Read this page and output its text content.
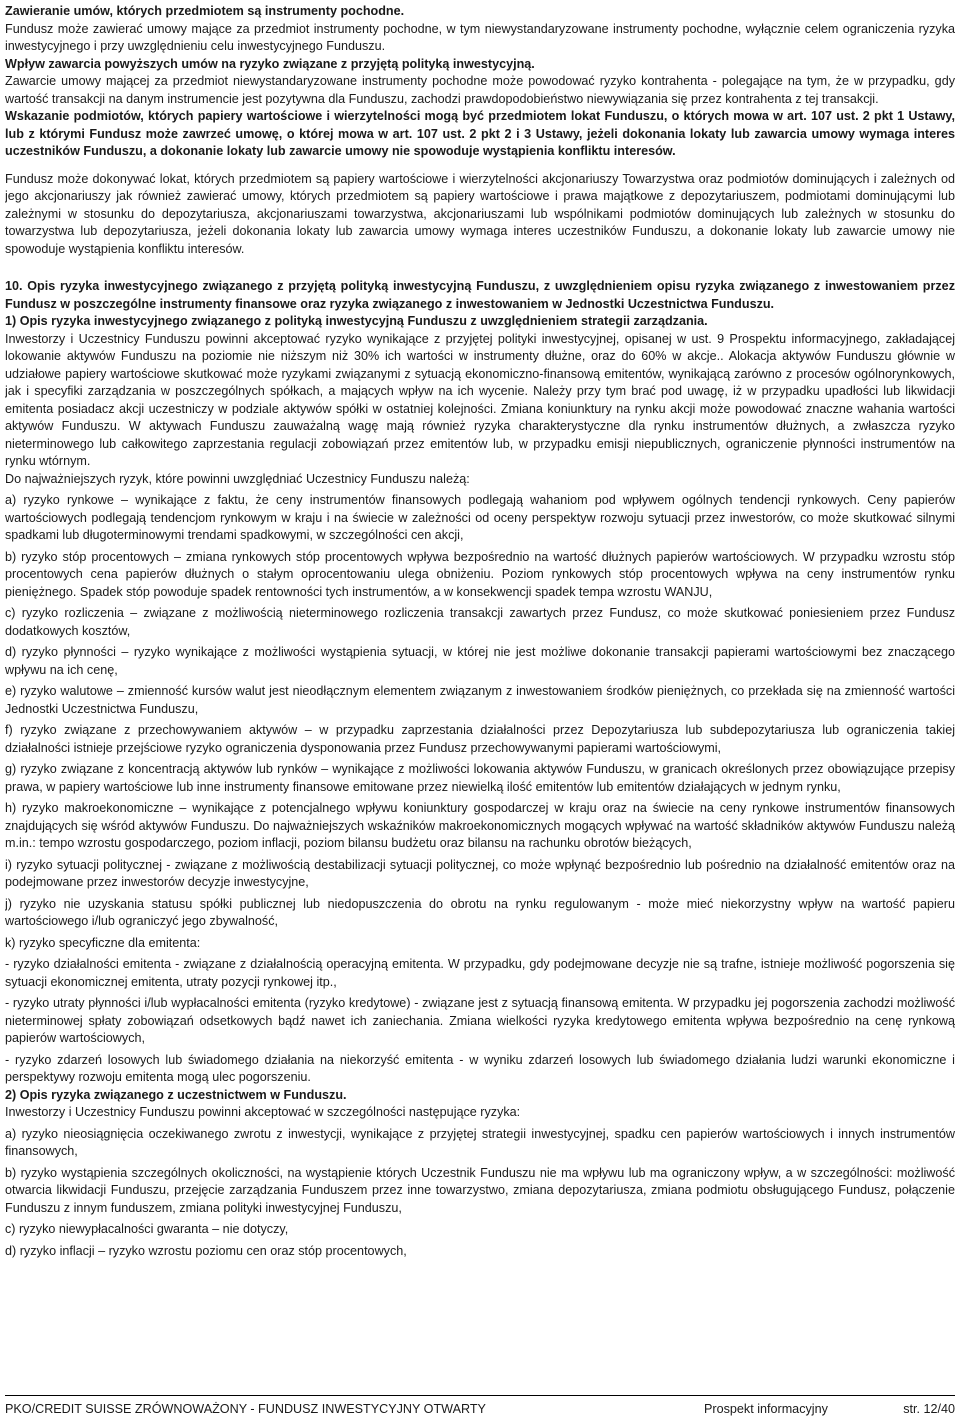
Zawieranie umów, których przedmiotem są instrumenty pochodne.

Fundusz może zawierać umowy mające za przedmiot instrumenty pochodne, w tym niewystandaryzowane instrumenty pochodne, wyłącznie celem ograniczenia ryzyka inwestycyjnego i przy uwzględnieniu celu inwestycyjnego Funduszu.

Wpływ zawarcia powyższych umów na ryzyko związane z przyjętą polityką inwestycyjną.

Zawarcie umowy mającej za przedmiot niewystandaryzowane instrumenty pochodne może powodować ryzyko kontrahenta - polegające na tym, że w przypadku, gdy wartość transakcji na danym instrumencie jest pozytywna dla Funduszu, zachodzi prawdopodobieństwo niewywiązania się przez kontrahenta z tej transakcji.

Wskazanie podmiotów, których papiery wartościowe i wierzytelności mogą być przedmiotem lokat Funduszu, o których mowa w art. 107 ust. 2 pkt 1 Ustawy, lub z którymi Fundusz może zawrzeć umowę, o której mowa w art. 107 ust. 2 pkt 2 i 3 Ustawy, jeżeli dokonania lokaty lub zawarcia umowy wymaga interes uczestników Funduszu, a dokonanie lokaty lub zawarcie umowy nie spowoduje wystąpienia konfliktu interesów.

Fundusz może dokonywać lokat, których przedmiotem są papiery wartościowe i wierzytelności akcjonariuszy Towarzystwa oraz podmiotów dominujących i zależnych od jego akcjonariuszy jak również zawierać umowy, których przedmiotem są papiery wartościowe i prawa majątkowe z depozytariuszem, podmiotami dominującymi lub zależnymi w stosunku do depozytariusza, akcjonariuszami towarzystwa, akcjonariuszami lub wspólnikami podmiotów dominujących lub zależnych w stosunku do towarzystwa lub depozytariusza, jeżeli dokonania lokaty lub zawarcia umowy wymaga interes uczestników Funduszu, a dokonanie lokaty lub zawarcie umowy nie spowoduje wystąpienia konfliktu interesów.

10. Opis ryzyka inwestycyjnego związanego z przyjętą polityką inwestycyjną Funduszu, z uwzględnieniem opisu ryzyka związanego z inwestowaniem przez Fundusz w poszczególne instrumenty finansowe oraz ryzyka związanego z inwestowaniem w Jednostki Uczestnictwa Funduszu.

1) Opis ryzyka inwestycyjnego związanego z polityką inwestycyjną Funduszu z uwzględnieniem strategii zarządzania.

Inwestorzy i Uczestnicy Funduszu powinni akceptować ryzyko wynikające z przyjętej polityki inwestycyjnej, opisanej w ust. 9 Prospektu informacyjnego, zakładającej lokowanie aktywów Funduszu na poziomie nie niższym niż 30% ich wartości w instrumenty dłużne, oraz do 60% w akcje.. Alokacja aktywów Funduszu głównie w udziałowe papiery wartościowe skutkować może ryzykami związanymi z sytuacją ekonomiczno-finansową emitentów, wynikającą zarówno z procesów ogólnorynkowych, jak i specyfiki zarządzania w poszczególnych spółkach, a mających wpływ na ich wycenie. Należy przy tym brać pod uwagę, iż w przypadku upadłości lub likwidacji emitenta posiadacz akcji uczestniczy w podziale aktywów spółki w ostatniej kolejności. Zmiana koniunktury na rynku akcji może powodować znaczne wahania wartości aktywów Funduszu. W aktywach Funduszu zauważalną wagę mają również ryzyka charakterystyczne dla rynku instrumentów dłużnych, a zwłaszcza ryzyko nieterminowego lub całkowitego zaprzestania regulacji zobowiązań przez emitentów lub, w przypadku emisji niepublicznych, ograniczenie płynności instrumentów na rynku wtórnym.

Do najważniejszych ryzyk, które powinni uwzględniać Uczestnicy Funduszu należą:

a) ryzyko rynkowe – wynikające z faktu, że ceny instrumentów finansowych podlegają wahaniom pod wpływem ogólnych tendencji rynkowych. Ceny papierów wartościowych podlegają tendencjom rynkowym w kraju i na świecie w zależności od oceny perspektyw rozwoju sytuacji przez inwestorów, co może skutkować silnymi spadkami lub długoterminowymi trendami spadkowymi, w szczególności cen akcji,

b) ryzyko stóp procentowych – zmiana rynkowych stóp procentowych wpływa bezpośrednio na wartość dłużnych papierów wartościowych. W przypadku wzrostu stóp procentowych cena papierów dłużnych o stałym oprocentowaniu ulega obniżeniu. Poziom rynkowych stóp procentowych wpływa na ceny instrumentów rynku pieniężnego. Spadek stóp powoduje spadek rentowności tych instrumentów, a w konsekwencji spadek tempa wzrostu WANJU,

c) ryzyko rozliczenia – związane z możliwością nieterminowego rozliczenia transakcji zawartych przez Fundusz, co może skutkować poniesieniem przez Fundusz dodatkowych kosztów,

d) ryzyko płynności – ryzyko wynikające z możliwości wystąpienia sytuacji, w której nie jest możliwe dokonanie transakcji papierami wartościowymi bez znaczącego wpływu na ich cenę,

e) ryzyko walutowe – zmienność kursów walut jest nieodłącznym elementem związanym z inwestowaniem środków pieniężnych, co przekłada się na zmienność wartości Jednostki Uczestnictwa Funduszu,

f) ryzyko związane z przechowywaniem aktywów – w przypadku zaprzestania działalności przez Depozytariusza lub subdepozytariusza lub ograniczenia takiej działalności istnieje przejściowe ryzyko ograniczenia dysponowania przez Fundusz przechowywanymi papierami wartościowymi,

g) ryzyko związane z koncentracją aktywów lub rynków – wynikające z możliwości lokowania aktywów Funduszu, w granicach określonych przez obowiązujące przepisy prawa, w papiery wartościowe lub inne instrumenty finansowe emitowane przez niewielką ilość emitentów lub emitentów działających w jednym rynku,

h) ryzyko makroekonomiczne – wynikające z potencjalnego wpływu koniunktury gospodarczej w kraju oraz na świecie na ceny rynkowe instrumentów finansowych znajdujących się wśród aktywów Funduszu. Do najważniejszych wskaźników makroekonomicznych mogących wpływać na wartość składników aktywów Funduszu należą m.in.: tempo wzrostu gospodarczego, poziom inflacji, poziom bilansu budżetu oraz bilansu na rachunku obrotów bieżących,

i) ryzyko sytuacji politycznej - związane z możliwością destabilizacji sytuacji politycznej, co może wpłynąć bezpośrednio lub pośrednio na działalność emitentów oraz na podejmowane przez inwestorów decyzje inwestycyjne,

j) ryzyko nie uzyskania statusu spółki publicznej lub niedopuszczenia do obrotu na rynku regulowanym - może mieć niekorzystny wpływ na wartość papieru wartościowego i/lub ograniczyć jego zbywalność,

k) ryzyko specyficzne dla emitenta:

- ryzyko działalności emitenta - związane z działalnością operacyjną emitenta. W przypadku, gdy podejmowane decyzje nie są trafne, istnieje możliwość pogorszenia się sytuacji ekonomicznej emitenta, utraty pozycji rynkowej itp.,

- ryzyko utraty płynności i/lub wypłacalności emitenta (ryzyko kredytowe) - związane jest z sytuacją finansową emitenta. W przypadku jej pogorszenia zachodzi możliwość nieterminowej spłaty zobowiązań odsetkowych bądź nawet ich zaniechania. Zmiana wielkości ryzyka kredytowego emitenta wpływa bezpośrednio na cenę rynkową papierów wartościowych,

- ryzyko zdarzeń losowych lub świadomego działania na niekorzyść emitenta - w wyniku zdarzeń losowych lub świadomego działania ludzi warunki ekonomiczne i perspektywy rozwoju emitenta mogą ulec pogorszeniu.

2) Opis ryzyka związanego z uczestnictwem w Funduszu.

Inwestorzy i Uczestnicy Funduszu powinni akceptować w szczególności następujące ryzyka:

a) ryzyko nieosiągnięcia oczekiwanego zwrotu z inwestycji, wynikające z przyjętej strategii inwestycyjnej, spadku cen papierów wartościowych i innych instrumentów finansowych,

b) ryzyko wystąpienia szczególnych okoliczności, na wystąpienie których Uczestnik Funduszu nie ma wpływu lub ma ograniczony wpływ, a w szczególności: możliwość otwarcia likwidacji Funduszu, przejęcie zarządzania Funduszem przez inne towarzystwo, zmiana depozytariusza, zmiana podmiotu obsługującego Fundusz, połączenie Funduszu z innym funduszem, zmiana polityki inwestycyjnej Funduszu,

c) ryzyko niewypłacalności gwaranta – nie dotyczy,

d) ryzyko inflacji – ryzyko wzrostu poziomu cen oraz stóp procentowych,

PKO/CREDIT SUISSE ZRÓWNOWAŻONY - FUNDUSZ INWESTYCYJNY OTWARTY	Prospekt informacyjny	str. 12/40
